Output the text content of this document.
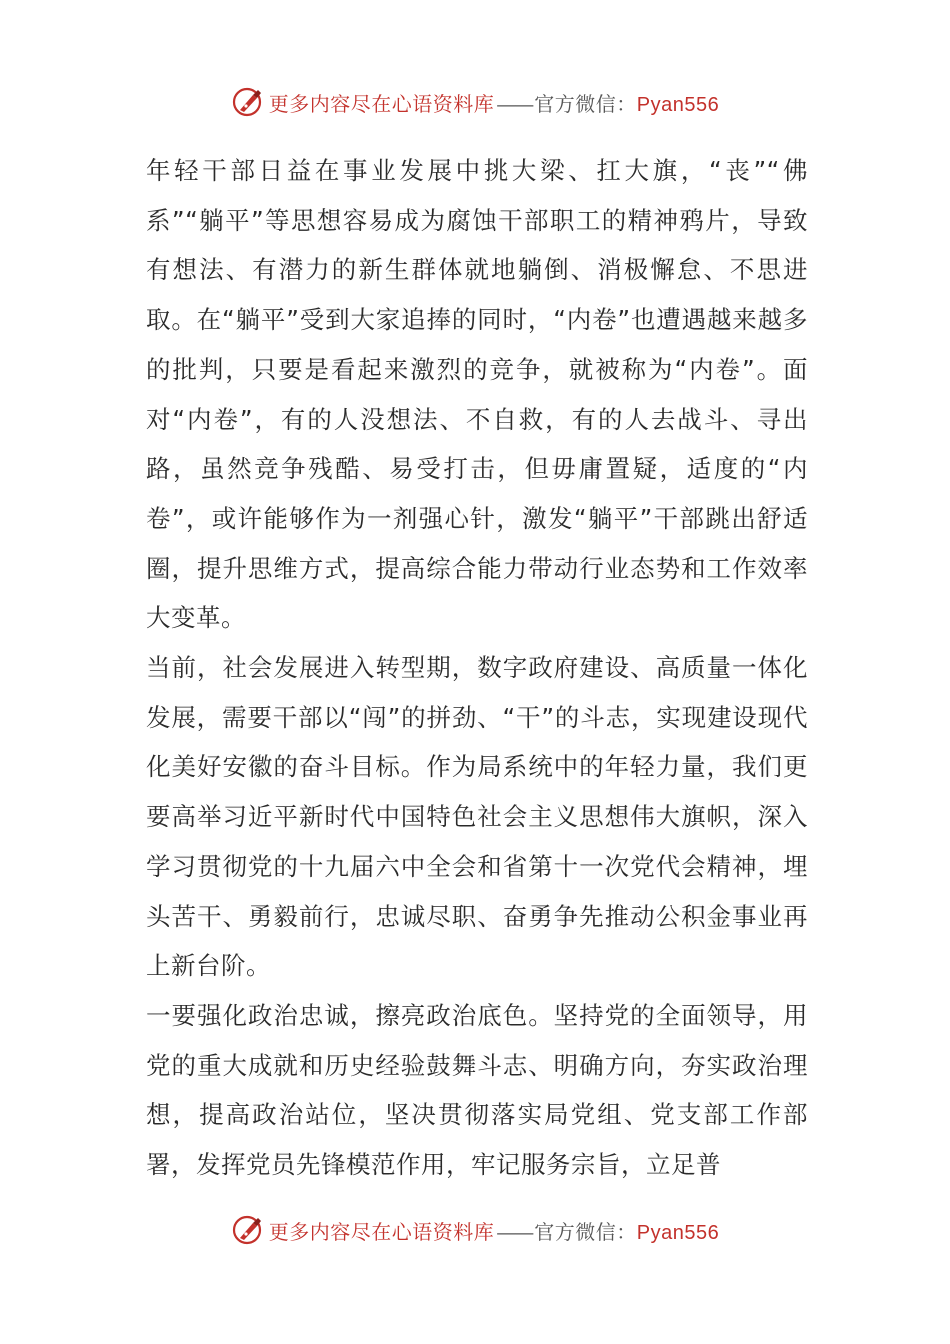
更多内容尽在心语资料库 —— 官方微信：Pyan556

年轻干部日益在事业发展中挑大梁、扛大旗，“丧”“佛系”“躺平”等思想容易成为腐蚀干部职工的精神鸦片，导致有想法、有潜力的新生群体就地躺倒、消极懈怠、不思进取。在“躺平”受到大家追捧的同时，“内卷”也遭遇越来越多的批判，只要是看起来激烈的竞争，就被称为“内卷”。面对“内卷”，有的人没想法、不自救，有的人去战斗、寻出路，虽然竞争残酷、易受打击，但毋庸置疑，适度的“内卷”，或许能够作为一剂强心针，激发“躺平”干部跳出舒适圈，提升思维方式，提高综合能力带动行业态势和工作效率大变革。

当前，社会发展进入转型期，数字政府建设、高质量一体化发展，需要干部以“闯”的拼劲、“干”的斗志，实现建设现代化美好安徽的奋斗目标。作为局系统中的年轻力量，我们更要高举习近平新时代中国特色社会主义思想伟大旗帜，深入学习贯彻党的十九届六中全会和省第十一次党代会精神，埋头苦干、勇毅前行，忠诚尽职、奋勇争先推动公积金事业再上新台阶。

一要强化政治忠诚，擦亮政治底色。坚持党的全面领导，用党的重大成就和历史经验鼓舞斗志、明确方向，夯实政治理想，提高政治站位，坚决贯彻落实局党组、党支部工作部署，发挥党员先锋模范作用，牢记服务宗旨，立足普

更多内容尽在心语资料库 —— 官方微信：Pyan556
